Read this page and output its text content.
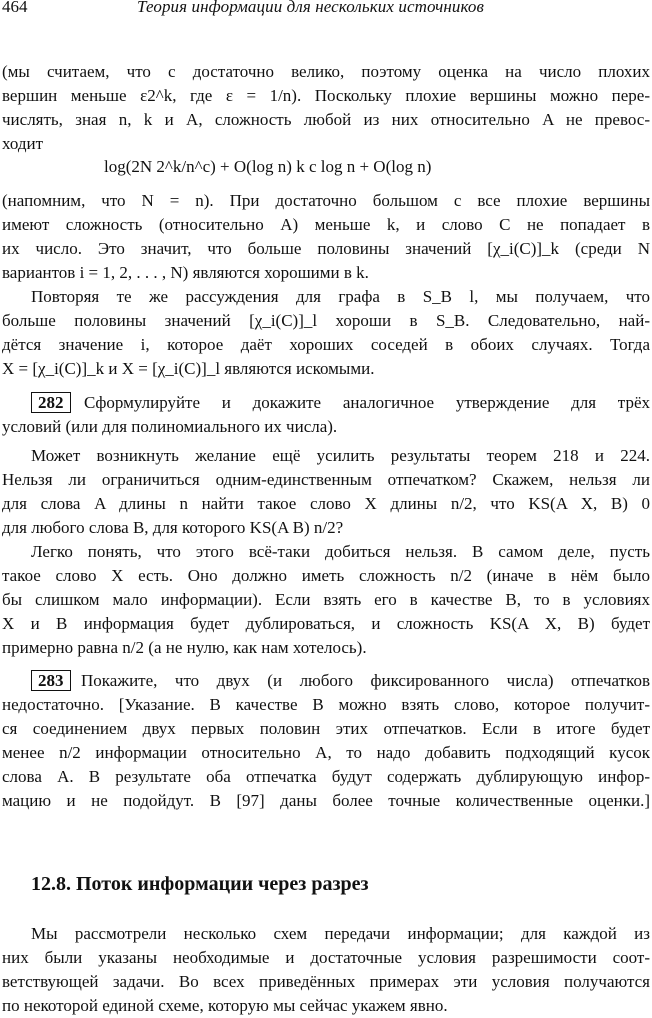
464	Теория информации для нескольких источников
(мы считаем, что c достаточно велико, поэтому оценка на число плохих
вершин меньше ε2^k, где ε = 1/n). Поскольку плохие вершины можно пере-
числять, зная n, k и A, сложность любой из них относительно A не превос-
ходит
log(2N 2^k/n^c) + O(log n) k c log n + O(log n)
(напомним, что N = n). При достаточно большом c все плохие вершины
имеют сложность (относительно A) меньше k, и слово C не попадает в
их число. Это значит, что больше половины значений [χ_i(C)]_k (среди N
вариантов i = 1, 2, . . . , N) являются хорошими в k.
Повторяя те же рассуждения для графа в S_B l, мы получаем, что
больше половины значений [χ_i(C)]_l хороши в S_B. Следовательно, най-
дётся значение i, которое даёт хороших соседей в обоих случаях. Тогда
X = [χ_i(C)]_k и X = [χ_i(C)]_l являются искомыми.
282	Сформулируйте и докажите аналогичное утверждение для трёх
условий (или для полиномиального их числа).
Может возникнуть желание ещё усилить результаты теорем 218 и 224.
Нельзя ли ограничиться одним-единственным отпечатком? Скажем, нельзя ли
для слова A длины n найти такое слово X длины n/2, что KS(A X, B) 0
для любого слова B, для которого KS(A B) n/2?
Легко понять, что этого всё-таки добиться нельзя. В самом деле, пусть
такое слово X есть. Оно должно иметь сложность n/2 (иначе в нём было
бы слишком мало информации). Если взять его в качестве B, то в условиях
X и B информация будет дублироваться, и сложность KS(A X, B) будет
примерно равна n/2 (а не нулю, как нам хотелось).
283	Покажите, что двух (и любого фиксированного числа) отпечатков
недостаточно. [Указание. В качестве B можно взять слово, которое получит-
ся соединением двух первых половин этих отпечатков. Если в итоге будет
менее n/2 информации относительно A, то надо добавить подходящий кусок
слова A. В результате оба отпечатка будут содержать дублирующую инфор-
мацию и не подойдут. В [97] даны более точные количественные оценки.]
12.8. Поток информации через разрез
Мы рассмотрели несколько схем передачи информации; для каждой из
них были указаны необходимые и достаточные условия разрешимости соот-
ветствующей задачи. Во всех приведённых примерах эти условия получаются
по некоторой единой схеме, которую мы сейчас укажем явно.
